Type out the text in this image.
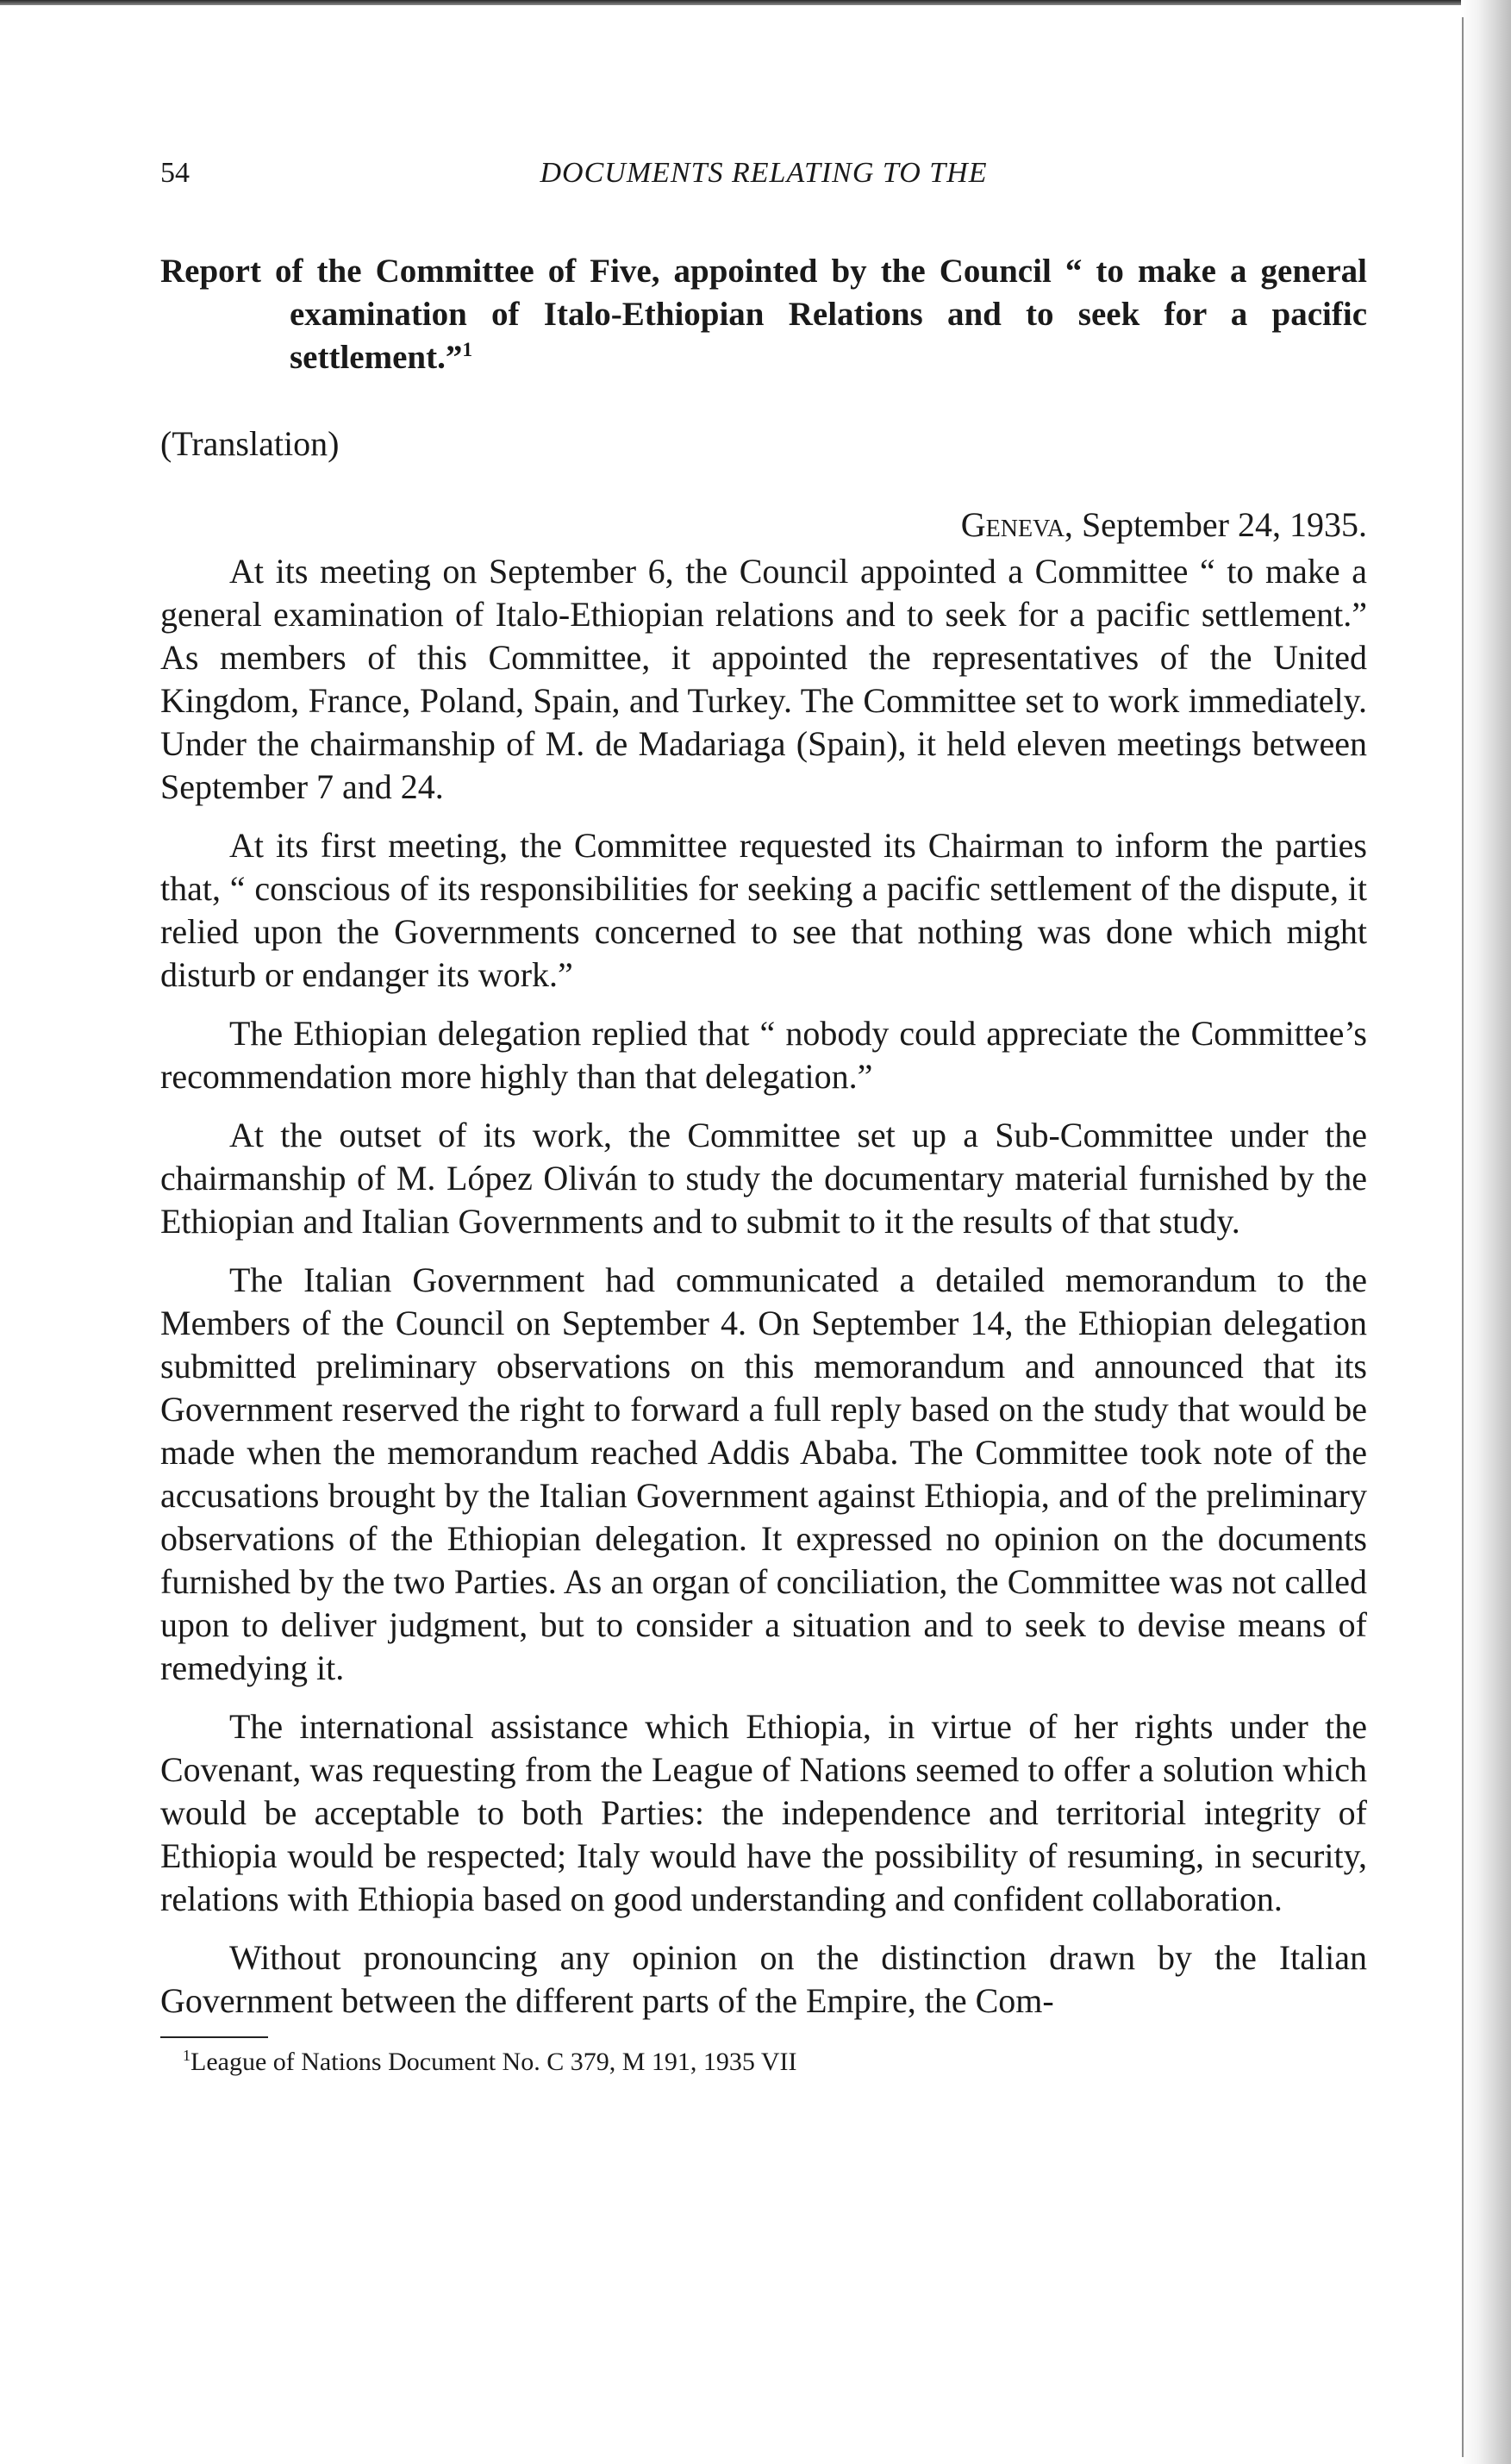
54	DOCUMENTS RELATING TO THE
Report of the Committee of Five, appointed by the Council “ to make a general examination of Italo-Ethiopian Relations and to seek for a pacific settlement.”$^1$
(Translation)
Geneva, September 24, 1935.

At its meeting on September 6, the Council appointed a Committee “ to make a general examination of Italo-Ethiopian relations and to seek for a pacific settlement.” As members of this Committee, it appointed the representatives of the United Kingdom, France, Poland, Spain, and Turkey. The Committee set to work immediately. Under the chairmanship of M. de Madariaga (Spain), it held eleven meetings between September 7 and 24.

At its first meeting, the Committee requested its Chairman to inform the parties that, “ conscious of its responsibilities for seeking a pacific settlement of the dispute, it relied upon the Governments concerned to see that nothing was done which might disturb or endanger its work.”

The Ethiopian delegation replied that “ nobody could appreciate the Committee’s recommendation more highly than that delegation.”

At the outset of its work, the Committee set up a Sub-Committee under the chairmanship of M. López Oliván to study the documentary material furnished by the Ethiopian and Italian Governments and to submit to it the results of that study.

The Italian Government had communicated a detailed memorandum to the Members of the Council on September 4. On September 14, the Ethiopian delegation submitted preliminary observations on this memorandum and announced that its Government reserved the right to forward a full reply based on the study that would be made when the memorandum reached Addis Ababa. The Committee took note of the accusations brought by the Italian Government against Ethiopia, and of the preliminary observations of the Ethiopian delegation. It expressed no opinion on the documents furnished by the two Parties. As an organ of conciliation, the Committee was not called upon to deliver judgment, but to consider a situation and to seek to devise means of remedying it.

The international assistance which Ethiopia, in virtue of her rights under the Covenant, was requesting from the League of Nations seemed to offer a solution which would be acceptable to both Parties: the independence and territorial integrity of Ethiopia would be respected; Italy would have the possibility of resuming, in security, relations with Ethiopia based on good understanding and confident collaboration.

Without pronouncing any opinion on the distinction drawn by the Italian Government between the different parts of the Empire, the Com-

$^1$League of Nations Document No. C 379, M 191, 1935 VII
